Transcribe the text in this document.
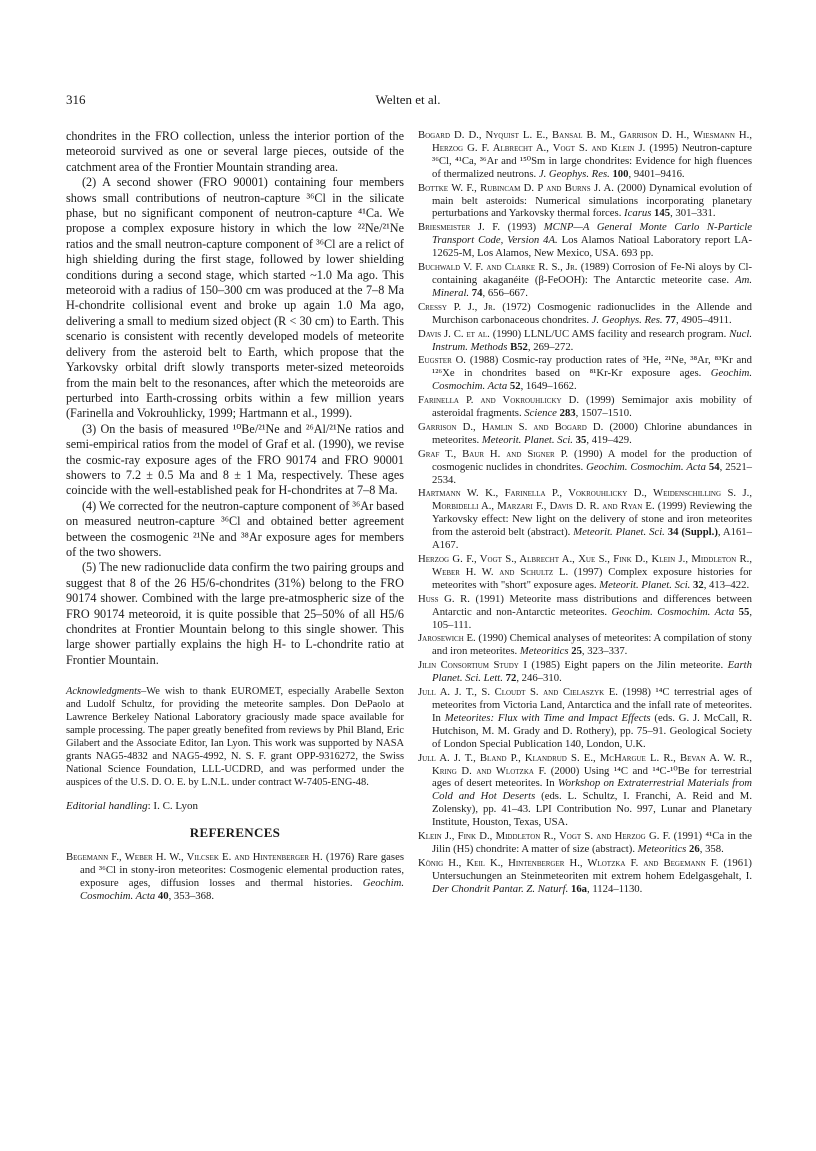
316	Welten et al.

chondrites in the FRO collection, unless the interior portion of the meteoroid survived as one or several large pieces, outside of the catchment area of the Frontier Mountain stranding area.

(2) A second shower (FRO 90001) containing four members shows small contributions of neutron-capture ³⁶Cl in the silicate phase, but no significant component of neutron-capture ⁴¹Ca. We propose a complex exposure history in which the low ²²Ne/²¹Ne ratios and the small neutron-capture component of ³⁶Cl are a relict of high shielding during the first stage, followed by lower shielding conditions during a second stage, which started ~1.0 Ma ago. This meteoroid with a radius of 150–300 cm was produced at the 7–8 Ma H-chondrite collisional event and broke up again 1.0 Ma ago, delivering a small to medium sized object (R < 30 cm) to Earth. This scenario is consistent with recently developed models of meteorite delivery from the asteroid belt to Earth, which propose that the Yarkovsky orbital drift slowly transports meter-sized meteoroids from the main belt to the resonances, after which the meteoroids are perturbed into Earth-crossing orbits within a few million years (Farinella and Vokrouhlicky, 1999; Hartmann et al., 1999).

(3) On the basis of measured ¹⁰Be/²¹Ne and ²⁶Al/²¹Ne ratios and semi-empirical ratios from the model of Graf et al. (1990), we revise the cosmic-ray exposure ages of the FRO 90174 and FRO 90001 showers to 7.2 ± 0.5 Ma and 8 ± 1 Ma, respectively. These ages coincide with the well-established peak for H-chondrites at 7–8 Ma.

(4) We corrected for the neutron-capture component of ³⁶Ar based on measured neutron-capture ³⁶Cl and obtained better agreement between the cosmogenic ²¹Ne and ³⁸Ar exposure ages for members of the two showers.

(5) The new radionuclide data confirm the two pairing groups and suggest that 8 of the 26 H5/6-chondrites (31%) belong to the FRO 90174 shower. Combined with the large pre-atmospheric size of the FRO 90174 meteoroid, it is quite possible that 25–50% of all H5/6 chondrites at Frontier Mountain belong to this single shower. This large shower partially explains the high H- to L-chondrite ratio at Frontier Mountain.

Acknowledgments–We wish to thank EUROMET, especially Arabelle Sexton and Ludolf Schultz, for providing the meteorite samples. Don DePaolo at Lawrence Berkeley National Laboratory graciously made space available for sample processing. The paper greatly benefited from reviews by Phil Bland, Eric Gilabert and the Associate Editor, Ian Lyon. This work was supported by NASA grants NAG5-4832 and NAG5-4992, N. S. F. grant OPP-9316272, the Swiss National Science Foundation, LLL-UCDRD, and was performed under the auspices of the U.S. D. O. E. by L.N.L. under contract W-7405-ENG-48.

Editorial handling: I. C. Lyon

REFERENCES

Begemann F., Weber H. W., Vilcsek E. and Hintenberger H. (1976) Rare gases and ³⁶Cl in stony-iron meteorites: Cosmogenic elemental production rates, exposure ages, diffusion losses and thermal histories. Geochim. Cosmochim. Acta 40, 353–368.

Bogard D. D., Nyquist L. E., Bansal B. M., Garrison D. H., Wiesmann H., Herzog G. F. Albrecht A., Vogt S. and Klein J. (1995) Neutron-capture ³⁶Cl, ⁴¹Ca, ³⁶Ar and ¹⁵⁰Sm in large chondrites: Evidence for high fluences of thermalized neutrons. J. Geophys. Res. 100, 9401–9416.

Bottke W. F., Rubincam D. P and Burns J. A. (2000) Dynamical evolution of main belt asteroids: Numerical simulations incorporating planetary perturbations and Yarkovsky thermal forces. Icarus 145, 301–331.

Briesmeister J. F. (1993) MCNP—A General Monte Carlo N-Particle Transport Code, Version 4A. Los Alamos Natioal Laboratory report LA-12625-M, Los Alamos, New Mexico, USA. 693 pp.

Buchwald V. F. and Clarke R. S., Jr. (1989) Corrosion of Fe-Ni aloys by Cl-containing akaganéite (β-FeOOH): The Antarctic meteorite case. Am. Mineral. 74, 656–667.

Cressy P. J., Jr. (1972) Cosmogenic radionuclides in the Allende and Murchison carbonaceous chondrites. J. Geophys. Res. 77, 4905–4911.

Davis J. C. et al. (1990) LLNL/UC AMS facility and research program. Nucl. Instrum. Methods B52, 269–272.

Eugster O. (1988) Cosmic-ray production rates of ³He, ²¹Ne, ³⁸Ar, ⁸³Kr and ¹²⁶Xe in chondrites based on ⁸¹Kr-Kr exposure ages. Geochim. Cosmochim. Acta 52, 1649–1662.

Farinella P. and Vokrouhlicky D. (1999) Semimajor axis mobility of asteroidal fragments. Science 283, 1507–1510.

Garrison D., Hamlin S. and Bogard D. (2000) Chlorine abundances in meteorites. Meteorit. Planet. Sci. 35, 419–429.

Graf T., Baur H. and Signer P. (1990) A model for the production of cosmogenic nuclides in chondrites. Geochim. Cosmochim. Acta 54, 2521–2534.

Hartmann W. K., Farinella P., Vokrouhlicky D., Weidenschilling S. J., Morbidelli A., Marzari F., Davis D. R. and Ryan E. (1999) Reviewing the Yarkovsky effect: New light on the delivery of stone and iron meteorites from the asteroid belt (abstract). Meteorit. Planet. Sci. 34 (Suppl.), A161–A167.

Herzog G. F., Vogt S., Albrecht A., Xue S., Fink D., Klein J., Middleton R., Weber H. W. and Schultz L. (1997) Complex exposure histories for meteorites with "short" exposure ages. Meteorit. Planet. Sci. 32, 413–422.

Huss G. R. (1991) Meteorite mass distributions and differences between Antarctic and non-Antarctic meteorites. Geochim. Cosmochim. Acta 55, 105–111.

Jarosewich E. (1990) Chemical analyses of meteorites: A compilation of stony and iron meteorites. Meteoritics 25, 323–337.

Jilin Consortium Study I (1985) Eight papers on the Jilin meteorite. Earth Planet. Sci. Lett. 72, 246–310.

Jull A. J. T., S. Cloudt S. and Cielaszyk E. (1998) ¹⁴C terrestrial ages of meteorites from Victoria Land, Antarctica and the infall rate of meteorites. In Meteorites: Flux with Time and Impact Effects (eds. G. J. McCall, R. Hutchison, M. M. Grady and D. Rothery), pp. 75–91. Geological Society of London Special Publication 140, London, U.K.

Jull A. J. T., Bland P., Klandrud S. E., McHargue L. R., Bevan A. W. R., Kring D. and Wlotzka F. (2000) Using ¹⁴C and ¹⁴C-¹⁰Be for terrestrial ages of desert meteorites. In Workshop on Extraterrestrial Materials from Cold and Hot Deserts (eds. L. Schultz, I. Franchi, A. Reid and M. Zolensky), pp. 41–43. LPI Contribution No. 997, Lunar and Planetary Institute, Houston, Texas, USA.

Klein J., Fink D., Middleton R., Vogt S. and Herzog G. F. (1991) ⁴¹Ca in the Jilin (H5) chondrite: A matter of size (abstract). Meteoritics 26, 358.

König H., Keil K., Hintenberger H., Wlotzka F. and Begemann F. (1961) Untersuchungen an Steinmeteoriten mit extrem hohem Edelgasgehalt, I. Der Chondrit Pantar. Z. Naturf. 16a, 1124–1130.
